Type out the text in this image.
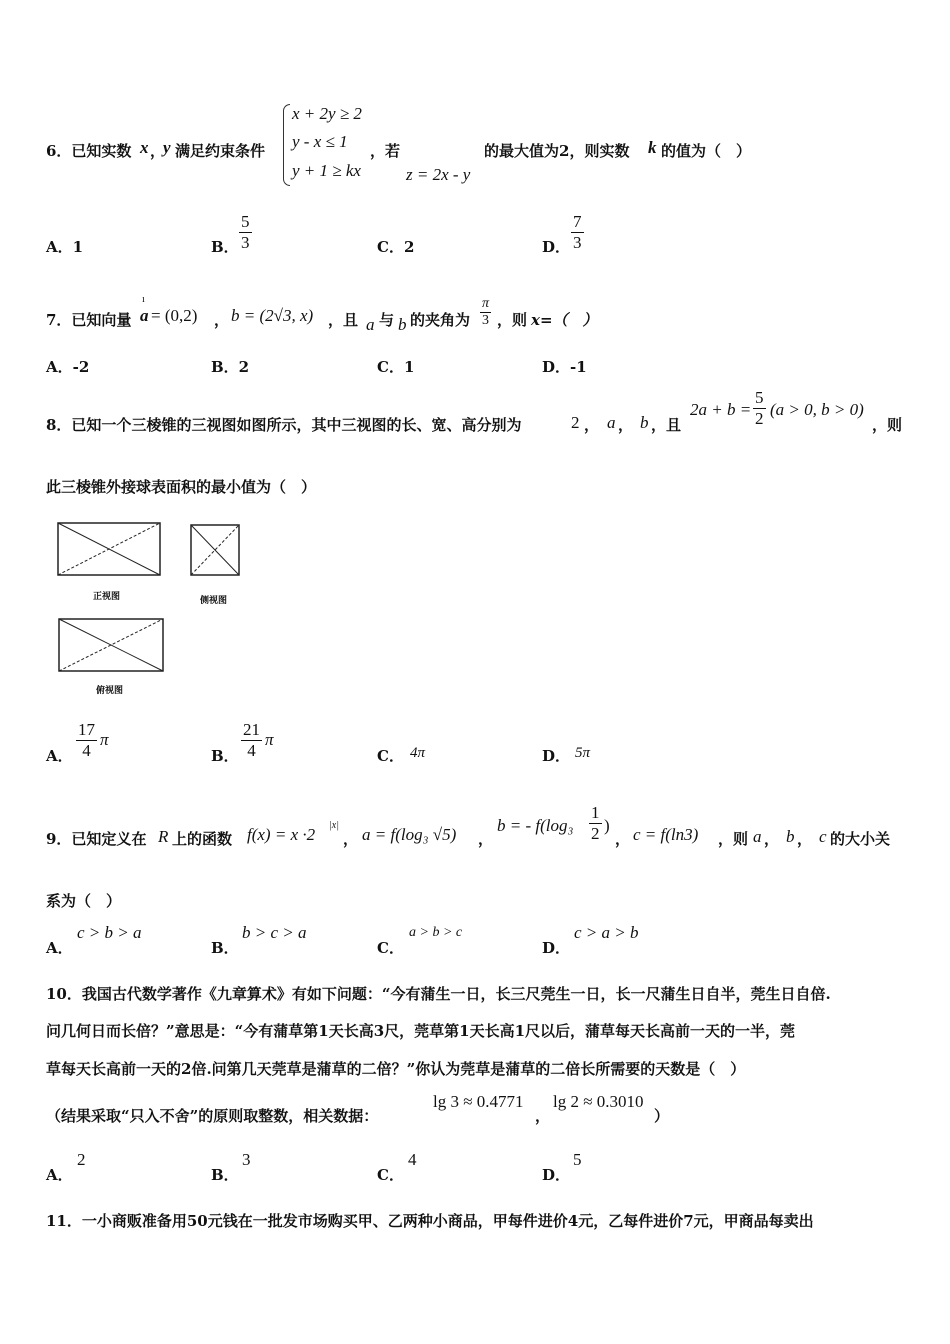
6．已知实数 x ，
y 满足约束条件
x + 2y ≥ 2
y - x ≤ 1
y + 1 ≥ kx
，若
z = 2x - y
的最大值为2，则实数 k 的值为（　）
A．1	B． $\frac{5}{3}$	C．2	D． $\frac{7}{3}$
7．已知向量
ı
a = (0,2) ， b = (2√3, x) ，且 a 与 b 的夹角为 $\frac{\pi}{3}$ ，则 x=（　）
A．-2	B．2	C．1	D．-1
8．已知一个三棱锥的三视图如图所示，其中三视图的长、宽、高分别为	2 ， a ， b ，且
$2a + b = \frac{5}{2} (a > 0$, b > 0)
，则
此三棱锥外接球表面积的最小值为（　）
正视图	侧视图
俯视图
A． $\frac{17}{4}$ π
B． $\frac{21}{4}$ π
C． 4π	D． 5π
9．已知定义在 R 上的函数 f(x) = x ·2 |x|
， a = f(log₃ √5) ，
b = - $f(\log_3 \frac{1}{2}$ )
， c = f(ln3) ，则 a ， b ， c 的大小关
系为（　）
A．
c > b > a
B．
b > c > a
C．
a > b > c
D．
c > a > b
10．我国古代数学著作《九章算术》有如下问题：“今有蒲生一日，长三尺莞生一日，长一尺蒲生日自半，莞生日自倍.
问几何日而长倍？”意思是：“今有蒲草第1天长高3尺，莞草第1天长高1尺以后，蒲草每天长高前一天的一半，莞
草每天长高前一天的2倍.问第几天莞草是蒲草的二倍？”你认为莞草是蒲草的二倍长所需要的天数是（　）
（结果采取“只入不舍”的原则取整数，相关数据：
lg 3 ≈ 0.4771
，
lg 2 ≈ 0.3010
）
A．
2
B．
3
C．
4
D．
5
11．一小商贩准备用50元钱在一批发市场购买甲、乙两种小商品，甲每件进价4元，乙每件进价7元，甲商品每卖出
